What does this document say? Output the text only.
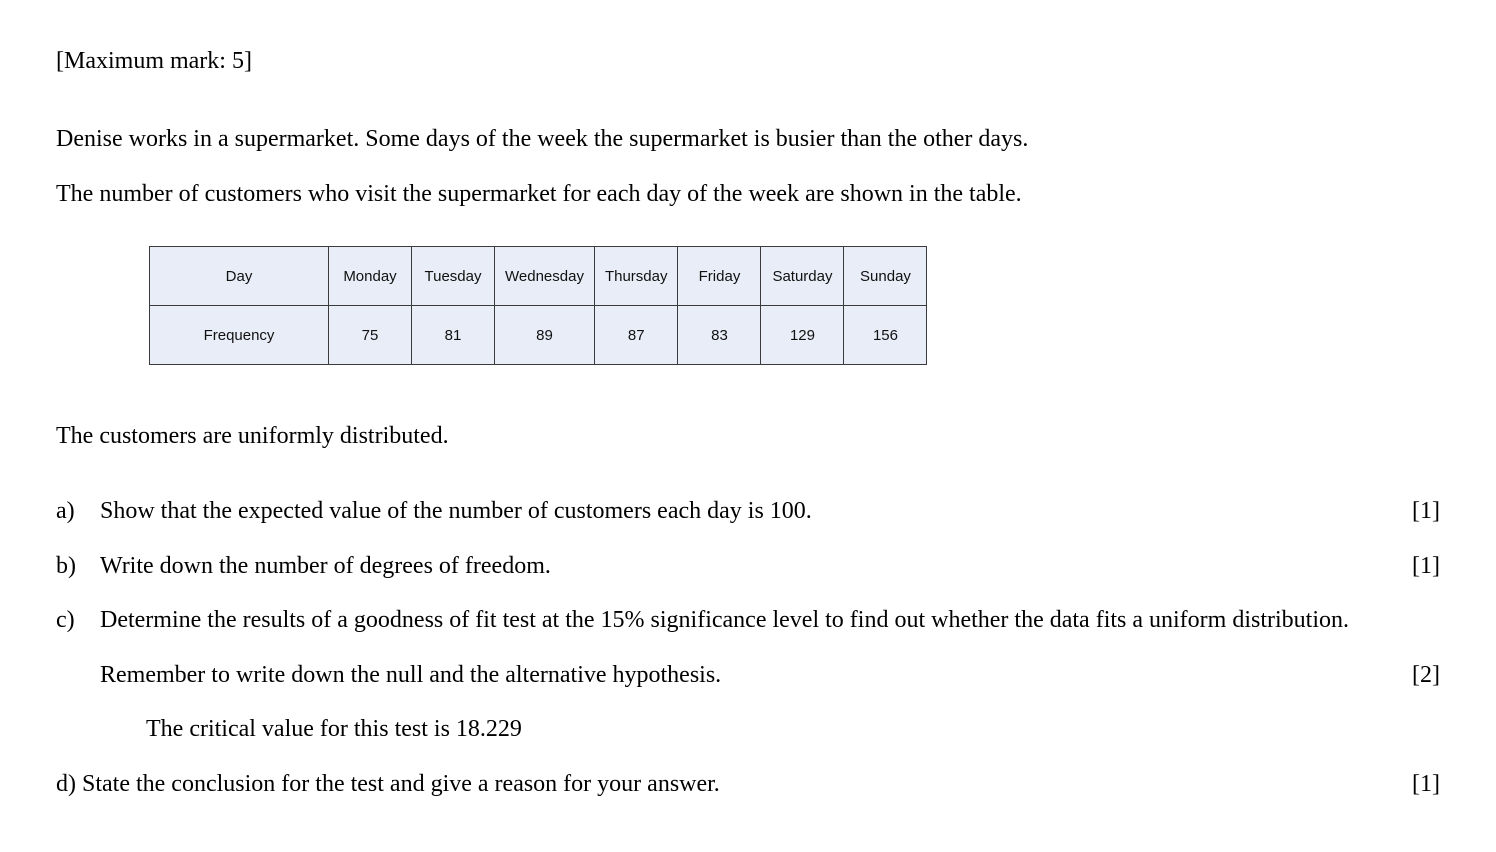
[Maximum mark: 5]
Denise works in a supermarket. Some days of the week the supermarket is busier than the other days.
The number of customers who visit the supermarket for each day of the week are shown in the table.
Day	Monday	Tuesday	Wednesday	Thursday	Friday	Saturday	Sunday
Frequency	75	81	89	87	83	129	156
The customers are uniformly distributed.
a) Show that the expected value of the number of customers each day is 100.	[1]
b) Write down the number of degrees of freedom.	[1]
c) Determine the results of a goodness of fit test at the 15% significance level to find out whether the data fits a uniform distribution.
Remember to write down the null and the alternative hypothesis.	[2]
The critical value for this test is 18.229
d) State the conclusion for the test and give a reason for your answer.	[1]
